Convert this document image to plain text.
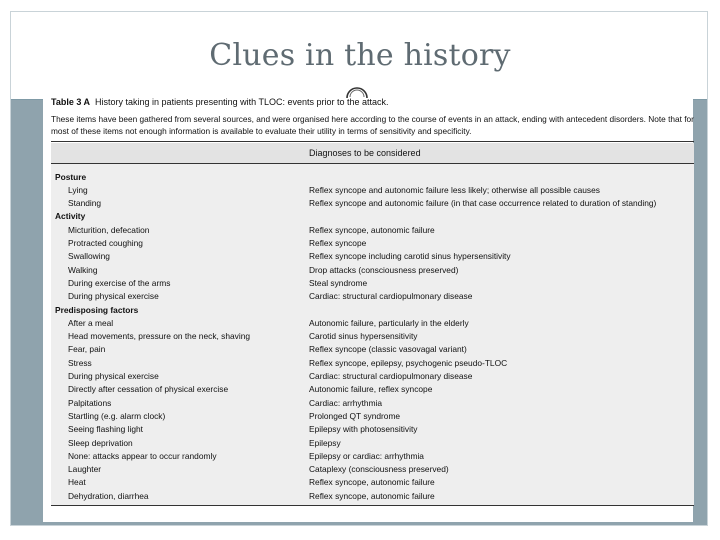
Clues in the history
Table 3 A History taking in patients presenting with TLOC: events prior to the attack.
These items have been gathered from several sources, and were organised here according to the course of events in an attack, ending with antecedent disorders. Note that for most of these items not enough information is available to evaluate their utility in terms of sensitivity and specificity.
Diagnoses to be considered
Posture
Lying	Reflex syncope and autonomic failure less likely; otherwise all possible causes
Standing	Reflex syncope and autonomic failure (in that case occurrence related to duration of standing)
Activity
Micturition, defecation	Reflex syncope, autonomic failure
Protracted coughing	Reflex syncope
Swallowing	Reflex syncope including carotid sinus hypersensitivity
Walking	Drop attacks (consciousness preserved)
During exercise of the arms	Steal syndrome
During physical exercise	Cardiac: structural cardiopulmonary disease
Predisposing factors
After a meal	Autonomic failure, particularly in the elderly
Head movements, pressure on the neck, shaving	Carotid sinus hypersensitivity
Fear, pain	Reflex syncope (classic vasovagal variant)
Stress	Reflex syncope, epilepsy, psychogenic pseudo-TLOC
During physical exercise	Cardiac: structural cardiopulmonary disease
Directly after cessation of physical exercise	Autonomic failure, reflex syncope
Palpitations	Cardiac: arrhythmia
Startling (e.g. alarm clock)	Prolonged QT syndrome
Seeing flashing light	Epilepsy with photosensitivity
Sleep deprivation	Epilepsy
None: attacks appear to occur randomly	Epilepsy or cardiac: arrhythmia
Laughter	Cataplexy (consciousness preserved)
Heat	Reflex syncope, autonomic failure
Dehydration, diarrhea	Reflex syncope, autonomic failure
